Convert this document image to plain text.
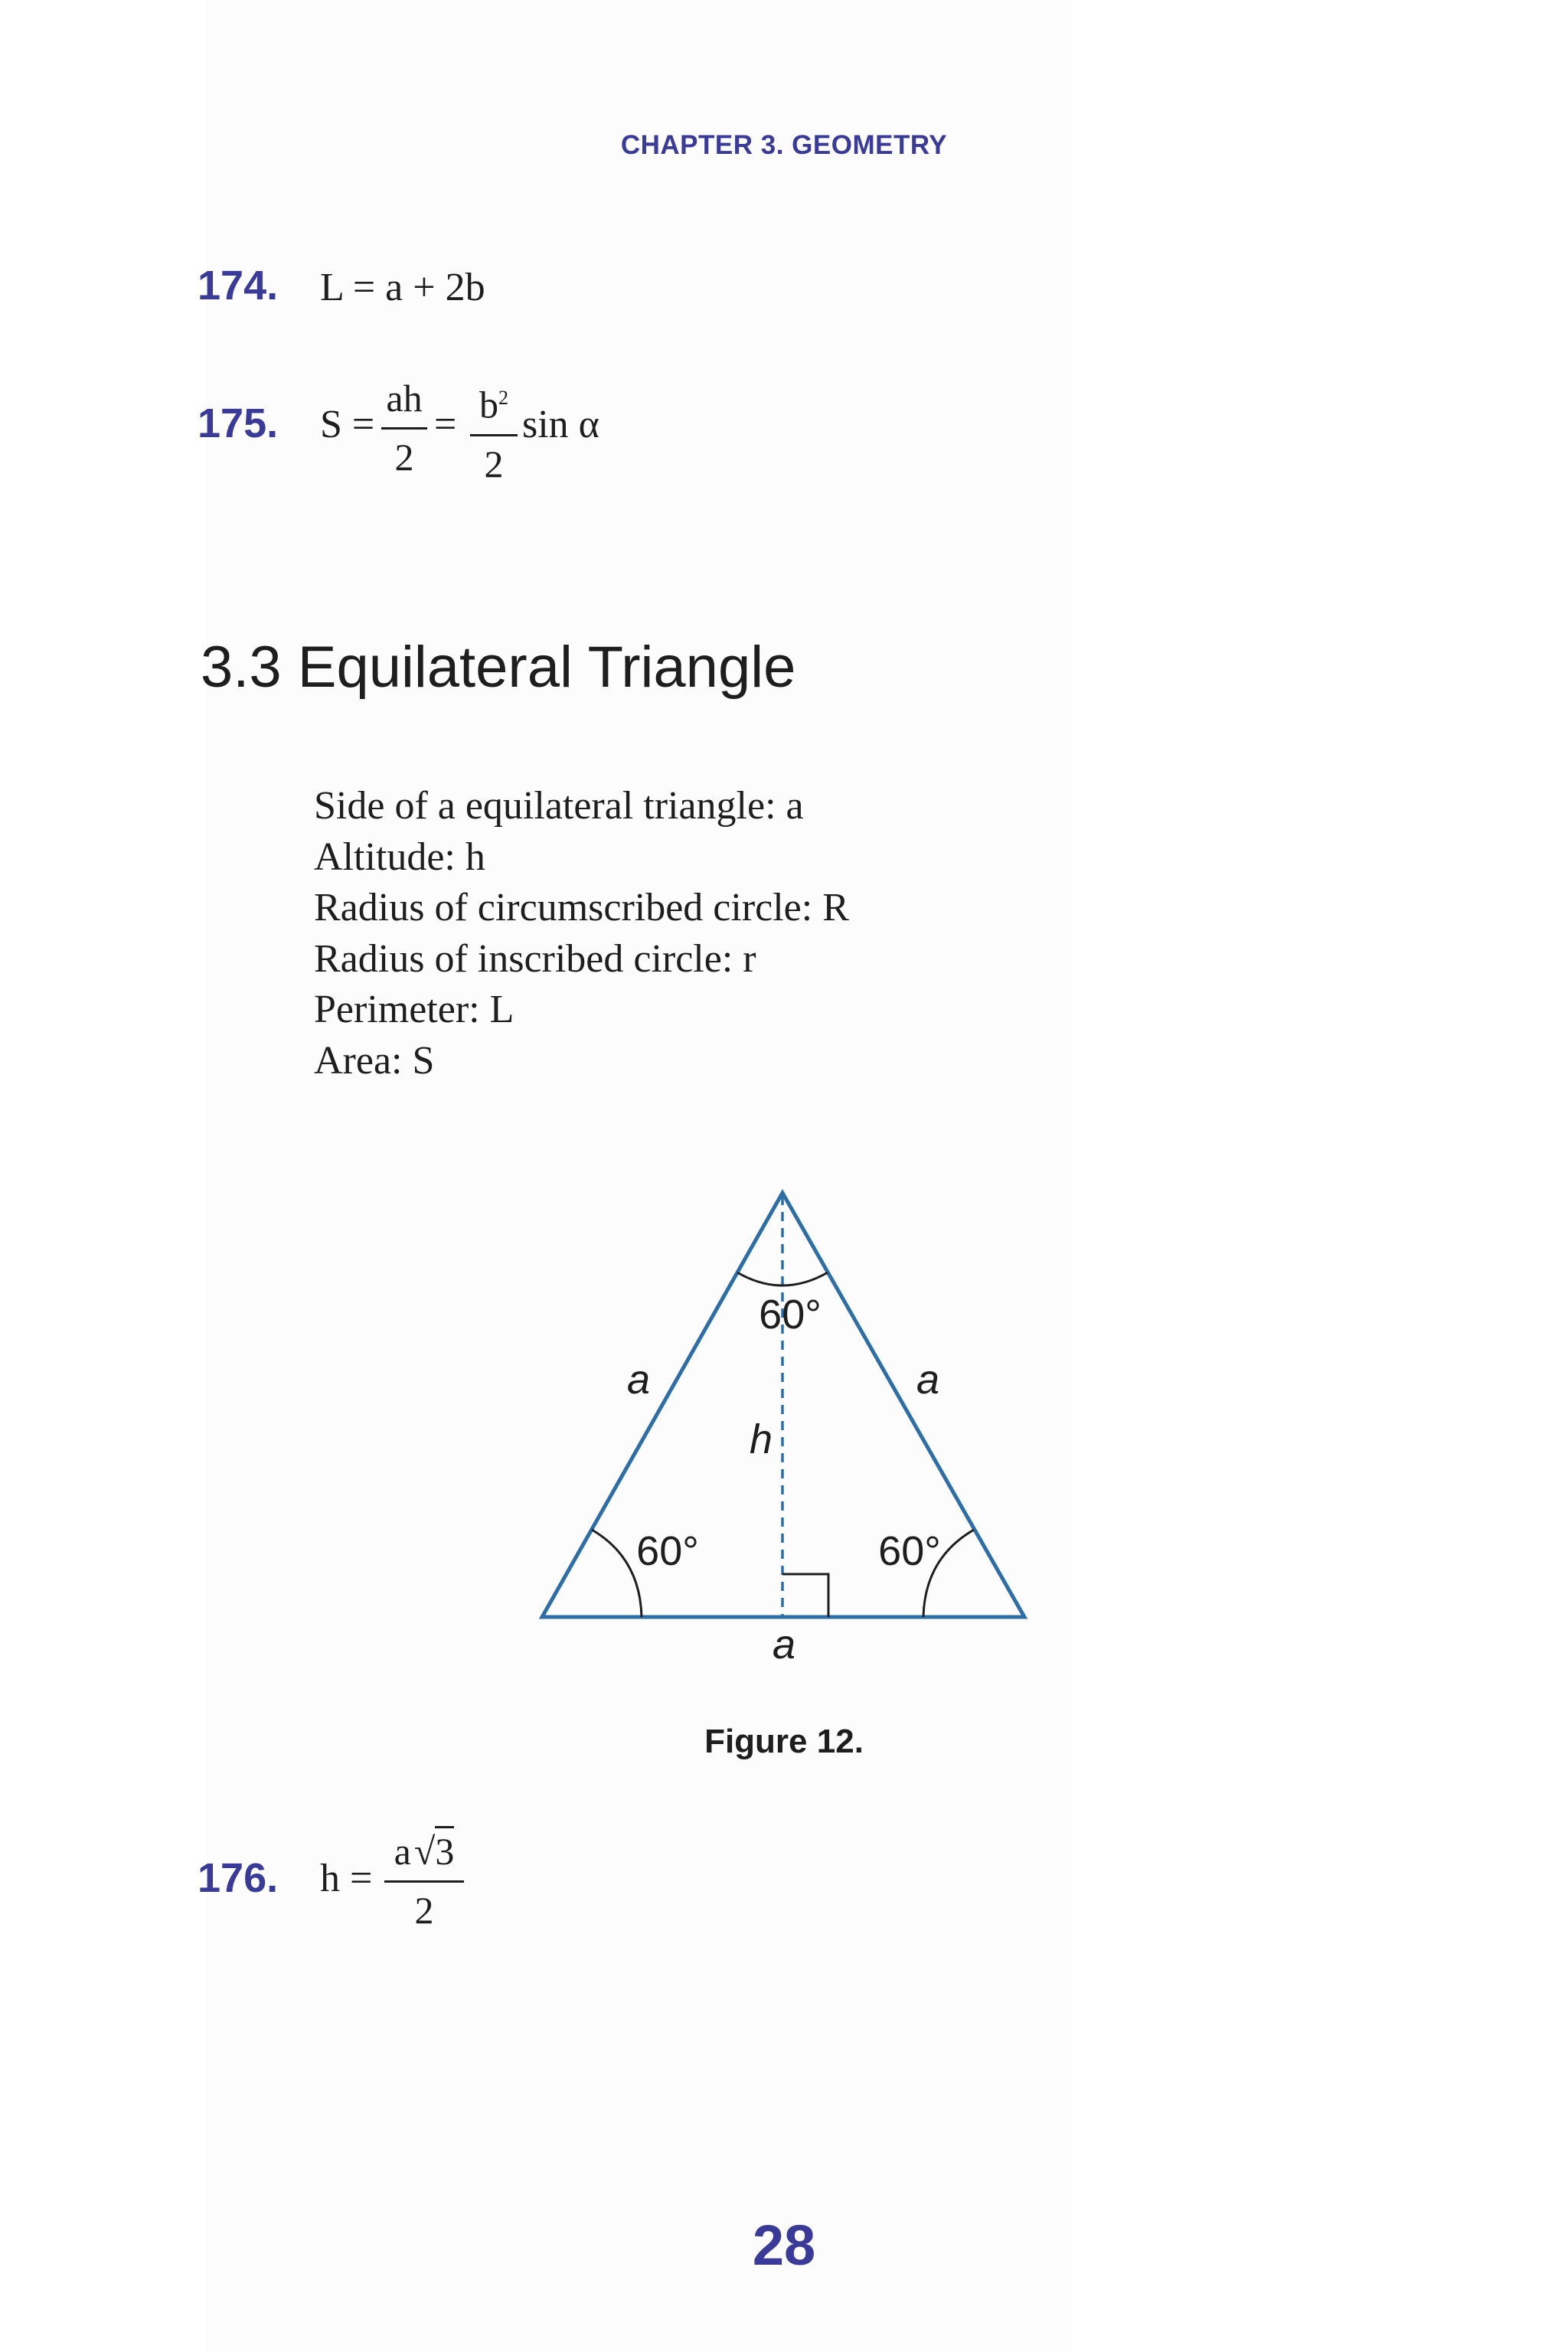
CHAPTER 3. GEOMETRY
174. L = a + 2b
175. S =
ah
2
= $b^2$
2
sin α
3.3 Equilateral Triangle
Side of a equilateral triangle: a
Altitude: h
Radius of circumscribed circle: R
Radius of inscribed circle: r
Perimeter: L
Area: S
60°
60°	60°
a	a
h
a
Figure 12.
176. h =
a√3
2
28
